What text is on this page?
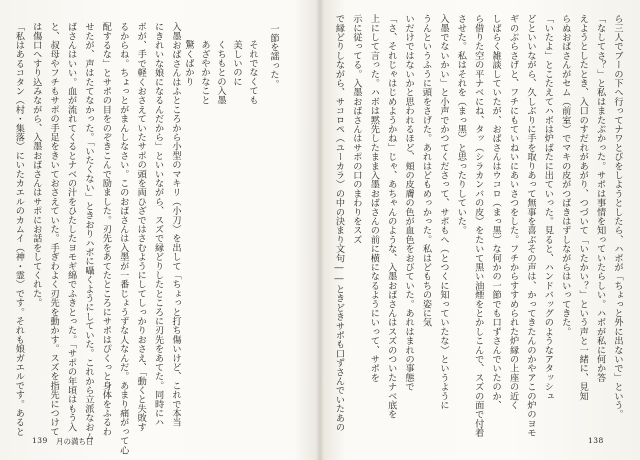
ら三人でブーの下へ行ってナワとびをしようとしたら、ハボが「ちょっと外に出ないで」という。
「なしてさ？」と私はまたぶかった。サポは事情を知っていたらしい。ハボが私に何か答
えようとしたとき、入口のすだれがあがり、つづいて「いたかい？」という声と一緒に、見知
らぬおばさんがセム（前室）でマキの皮がつばきはずしながらはいってきた。
「いたよ」とこたえてハボは炉ばたに出ていった。見ると、ハンドバッグのようなアタッシュ
どといいながら、久しぶりに手を取りあって無事を喜ぶその声は、かってきたんのかやアこの炉のヨモ
ギのぶらさげと、フチにもていねいにあいさつをした。フチからすすめられた炉縁の上座の近く
しばらく雑談していたが、おばさんはウコロ（まっ黒）な何かの一節でも口ずさんでいたのか、
ら借りた空の平ナベにね、タッ（シラカンバの皮）をたいて黒い油煙をとかしこんで、スズの面で付着
させた。私はそれを（まっ黒）と思ったりしていた。
入墨でないかい」と小声でかつてくださって、サポもへ（とつくに知っていたな）というように
うんというふうに頭をさげた。あれはどもめっかった。私はどもちの姿に気
いだけではないかと思われるほど、頬の皮膚の色が血色をおびていた。あれはまれの事態で
「さ、それじゃはじめようかね」じゃ、あちゃんのような、入墨おばさんはスズのついたナベ底を
上にして言った。ハボは黙先したまま入墨おばさんの前に横になるようにいって、サポを
示に従ってる。入墨おばさんはサポの口のまわりをスズ
で縁どりしながら、サコロペ（ユーカラ）の中の決まり文句――ときどきサポも口ずさんでいたあの
138
一節を謡った。
それでなくても
美しいのに
くちもとの入墨
あざやかなこと
驚くばかり
入墨おばさんはふところから小型のマキリ（小刀）を出して「ちょっと打ち傷いけど、これで本当
にきれいな娘になるんだから」といいながら、スズで縁どりしたところに刃先をあてた。同時にハ
ボが、手で軽くおさえていたサポの頭を両ひざではさむようにしてしっかりおさえ、「動くと失敗す
るからね。ちょっとがまんしなさい。このおばさんは入墨が一番じょうずな人なんだ。あまり痛がって心
配するな」とサポの目をのぞきこんで励ました。刃先をあてたところにサポはぴくっと身体をふるわ
せたが、声はたてなかった。「いたくない」ときおりハボに囁くようにしていた。これから立派なおム
ばさんはいい。血が流れてくるとナベの汁をひたしたヨモギ綿でふきとった。「サポの年頃はもう入
と、叔母やフチもサポの手足をきいておさえていた。手ぎわよく刃先を動かす。スズを指先につけて
は傷口へすり込みながら、入墨おばさんはサポにお話をしてくれた。
「私はあるコタン（村・集落）にいたカエルのカムイ（神・霊）です。それも娘ガエルです。あると
139 月の満ち日
